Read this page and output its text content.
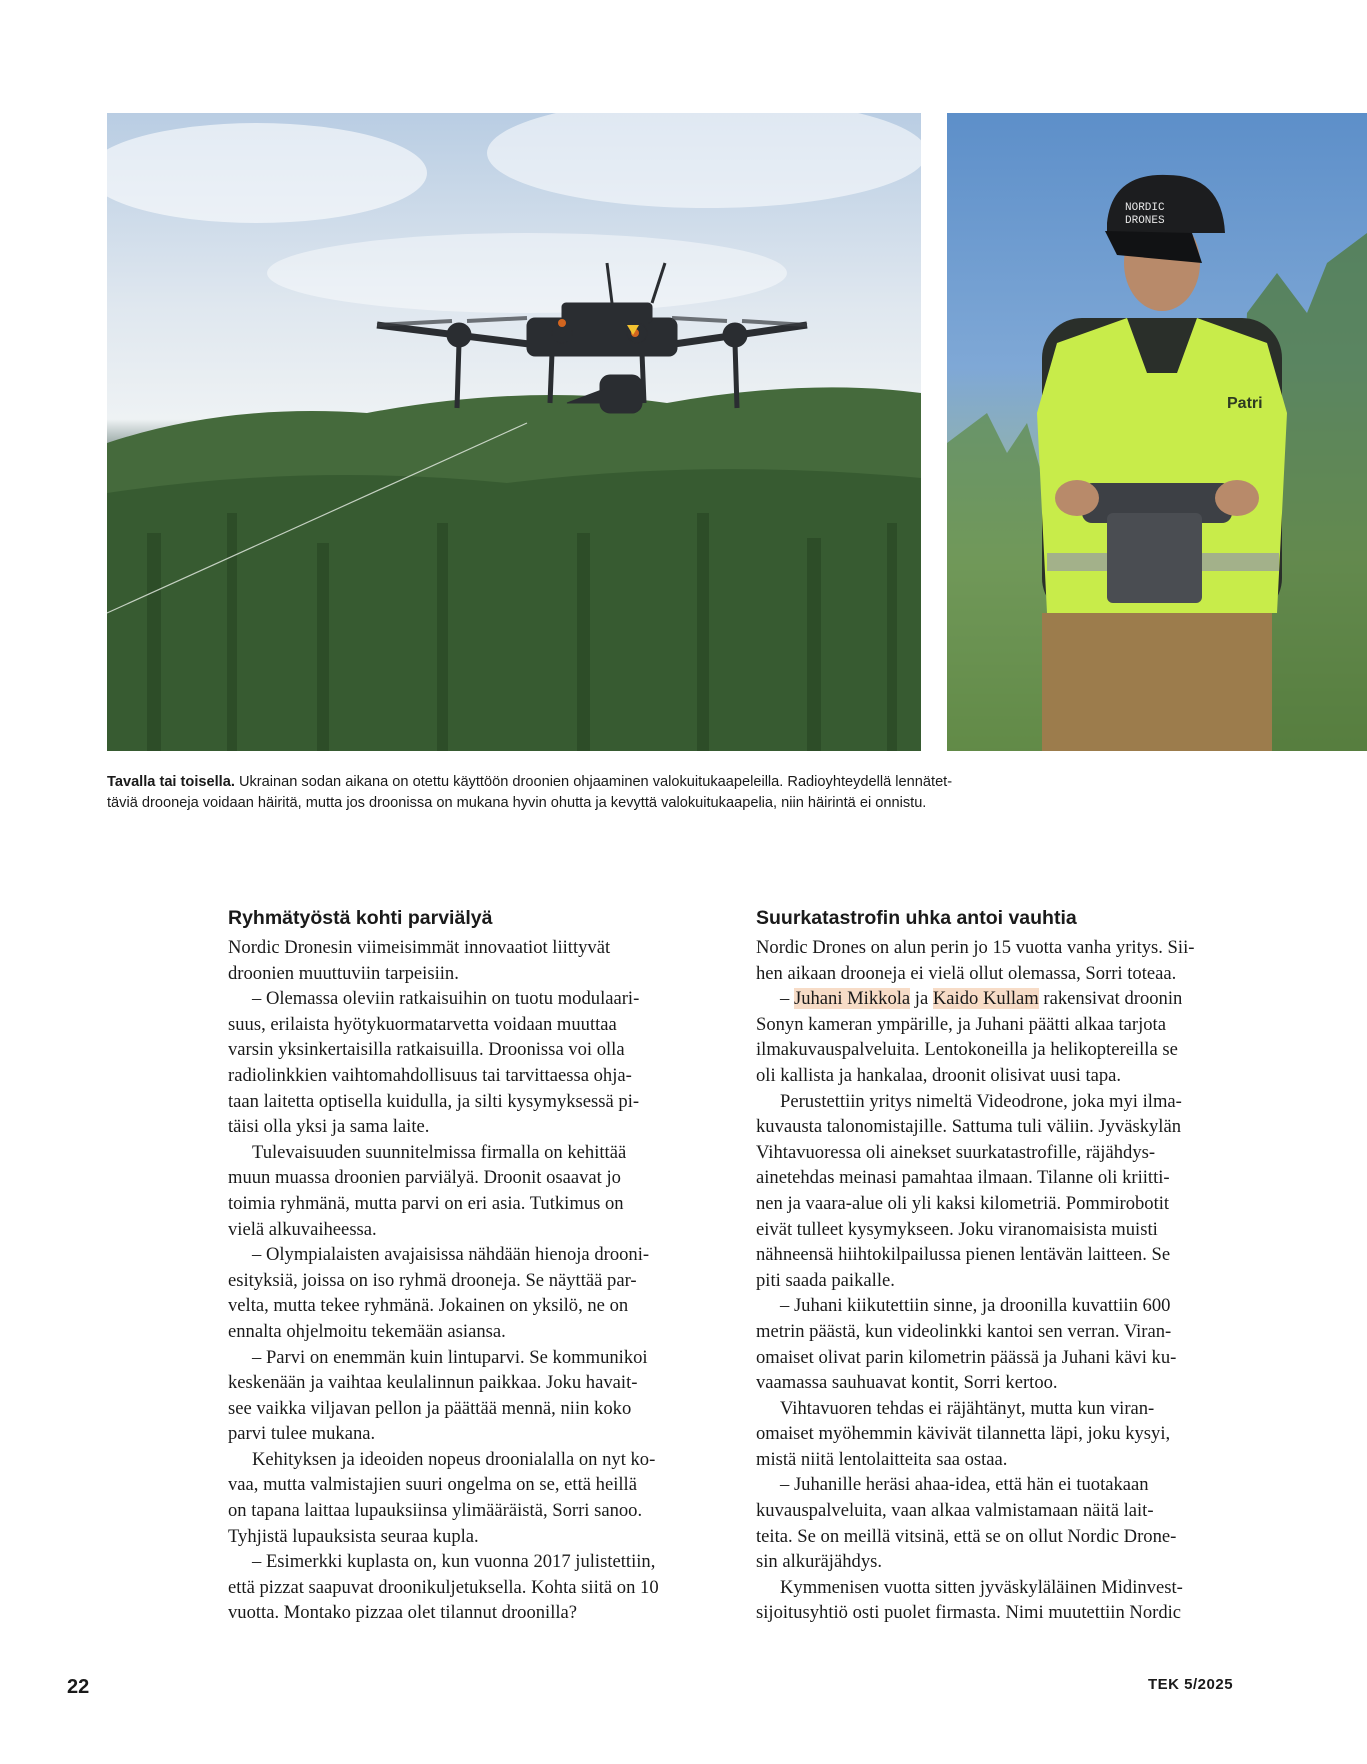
Patri
NORDIC
DRONES
Tavalla tai toisella. Ukrainan sodan aikana on otettu käyttöön droonien ohjaaminen valokuitukaapeleilla. Radioyhteydellä lennätet-
täviä drooneja voidaan häiritä, mutta jos droonissa on mukana hyvin ohutta ja kevyttä valokuitukaapelia, niin häirintä ei onnistu.
Ryhmätyöstä kohti parviälyä

Nordic Dronesin viimeisimmät innovaatiot liittyvät

droonien muuttuviin tarpeisiin.

– Olemassa oleviin ratkaisuihin on tuotu modulaari-

suus, erilaista hyötykuormatarvetta voidaan muuttaa

varsin yksinkertaisilla ratkaisuilla. Droonissa voi olla

radiolinkkien vaihtomahdollisuus tai tarvittaessa ohja-

taan laitetta optisella kuidulla, ja silti kysymyksessä pi-

täisi olla yksi ja sama laite.

Tulevaisuuden suunnitelmissa firmalla on kehittää

muun muassa droonien parviälyä. Droonit osaavat jo

toimia ryhmänä, mutta parvi on eri asia. Tutkimus on

vielä alkuvaiheessa.

– Olympialaisten avajaisissa nähdään hienoja drooni-

esityksiä, joissa on iso ryhmä drooneja. Se näyttää par-

velta, mutta tekee ryhmänä. Jokainen on yksilö, ne on

ennalta ohjelmoitu tekemään asiansa.

– Parvi on enemmän kuin lintuparvi. Se kommunikoi

keskenään ja vaihtaa keulalinnun paikkaa. Joku havait-

see vaikka viljavan pellon ja päättää mennä, niin koko

parvi tulee mukana.

Kehityksen ja ideoiden nopeus droonialalla on nyt ko-

vaa, mutta valmistajien suuri ongelma on se, että heillä

on tapana laittaa lupauksiinsa ylimääräistä, Sorri sanoo.

Tyhjistä lupauksista seuraa kupla.

– Esimerkki kuplasta on, kun vuonna 2017 julistettiin,

että pizzat saapuvat droonikuljetuksella. Kohta siitä on 10

vuotta. Montako pizzaa olet tilannut droonilla?

Suurkatastrofin uhka antoi vauhtia

Nordic Drones on alun perin jo 15 vuotta vanha yritys. Sii-

hen aikaan drooneja ei vielä ollut olemassa, Sorri toteaa.

– Juhani Mikkola ja Kaido Kullam rakensivat droonin

Sonyn kameran ympärille, ja Juhani päätti alkaa tarjota

ilmakuvauspalveluita. Lentokoneilla ja helikoptereilla se

oli kallista ja hankalaa, droonit olisivat uusi tapa.

Perustettiin yritys nimeltä Videodrone, joka myi ilma-

kuvausta talonomistajille. Sattuma tuli väliin. Jyväskylän

Vihtavuoressa oli ainekset suurkatastrofille, räjähdys-

ainetehdas meinasi pamahtaa ilmaan. Tilanne oli kriitti-

nen ja vaara-alue oli yli kaksi kilometriä. Pommirobotit

eivät tulleet kysymykseen. Joku viranomaisista muisti

nähneensä hiihtokilpailussa pienen lentävän laitteen. Se

piti saada paikalle.

– Juhani kiikutettiin sinne, ja droonilla kuvattiin 600

metrin päästä, kun videolinkki kantoi sen verran. Viran-

omaiset olivat parin kilometrin päässä ja Juhani kävi ku-

vaamassa sauhuavat kontit, Sorri kertoo.

Vihtavuoren tehdas ei räjähtänyt, mutta kun viran-

omaiset myöhemmin kävivät tilannetta läpi, joku kysyi,

mistä niitä lentolaitteita saa ostaa.

– Juhanille heräsi ahaa-idea, että hän ei tuotakaan

kuvauspalveluita, vaan alkaa valmistamaan näitä lait-

teita. Se on meillä vitsinä, että se on ollut Nordic Drone-

sin alkuräjähdys.

Kymmenisen vuotta sitten jyväskyläläinen Midinvest-

sijoitusyhtiö osti puolet firmasta. Nimi muutettiin Nordic

22	TEK 5/2025
